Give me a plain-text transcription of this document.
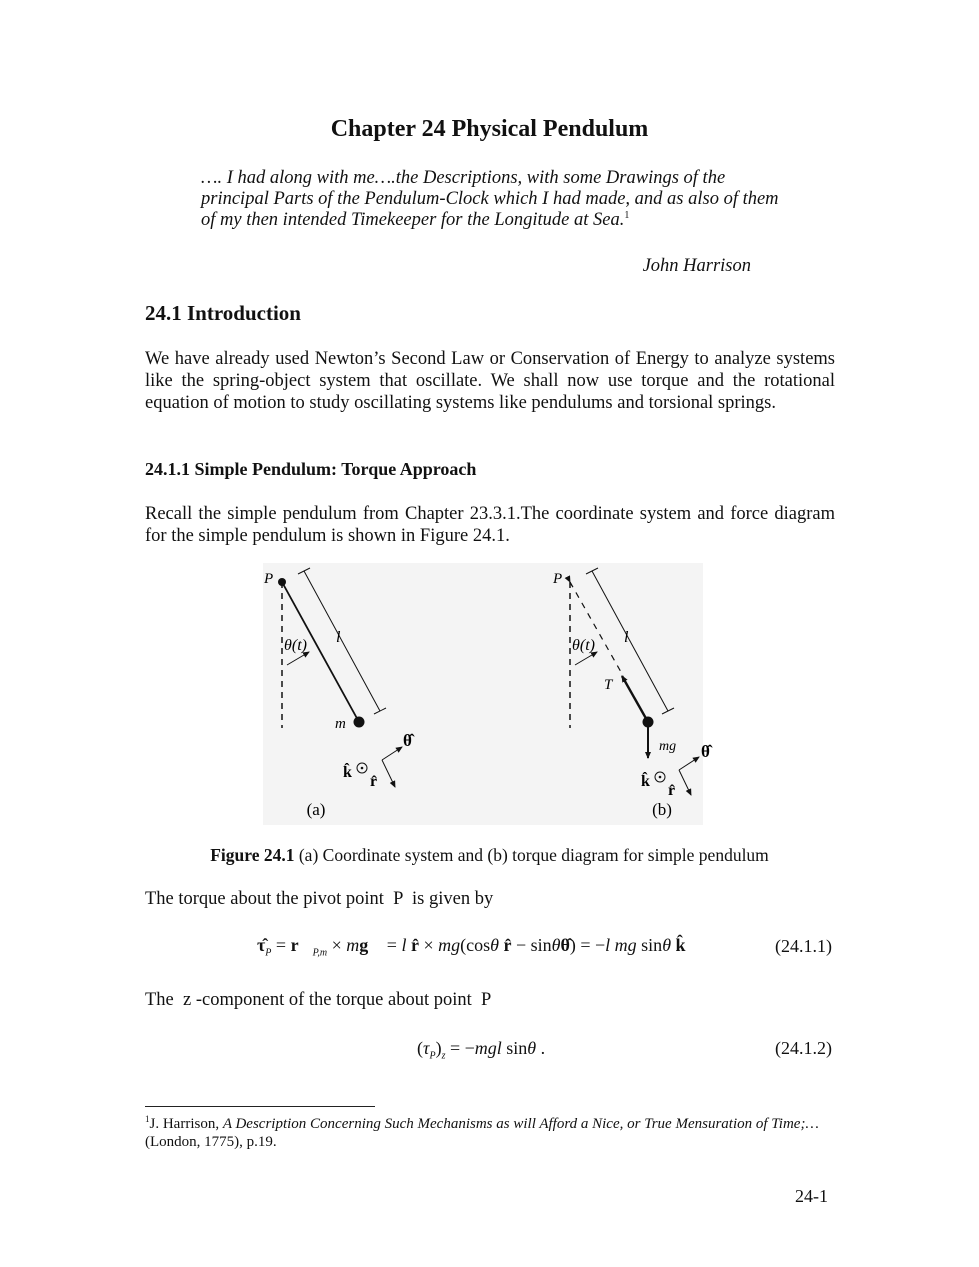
Chapter 24 Physical Pendulum
…. I had along with me….the Descriptions, with some Drawings of the principal Parts of the Pendulum-Clock which I had made, and as also of them of my then intended Timekeeper for the Longitude at Sea.$^1$
John Harrison
24.1 Introduction
We have already used Newton’s Second Law or Conservation of Energy to analyze systems like the spring-object system that oscillate. We shall now use torque and the rotational equation of motion to study oscillating systems like pendulums and torsional springs.
24.1.1 Simple Pendulum: Torque Approach
Recall the simple pendulum from Chapter 23.3.1.The coordinate system and force diagram for the simple pendulum is shown in Figure 24.1.
P
θ(t) l
m
θ̂
k̂
r̂
(a)
P
θ(t) l
T
mg θ̂
k̂
r̂
(b)
Figure 24.1 (a) Coordinate system and (b) torque diagram for simple pendulum
The torque about the pivot point  P  is given by
$\taû_P$ = $r⃗_{P,m}$ × mg⃗ = l r̂ × mg(cosθ r̂ − sinθθ̂) = −l mg sinθ k̂	(24.1.1)
The  z -component of the torque about point  P
$(\tau_P)_z = -mgl$ sinθ .	(24.1.2)
$^1$J. Harrison, A Description Concerning Such Mechanisms as will Afford a Nice, or True Mensuration of Time;…(London, 1775), p.19.
24-1
